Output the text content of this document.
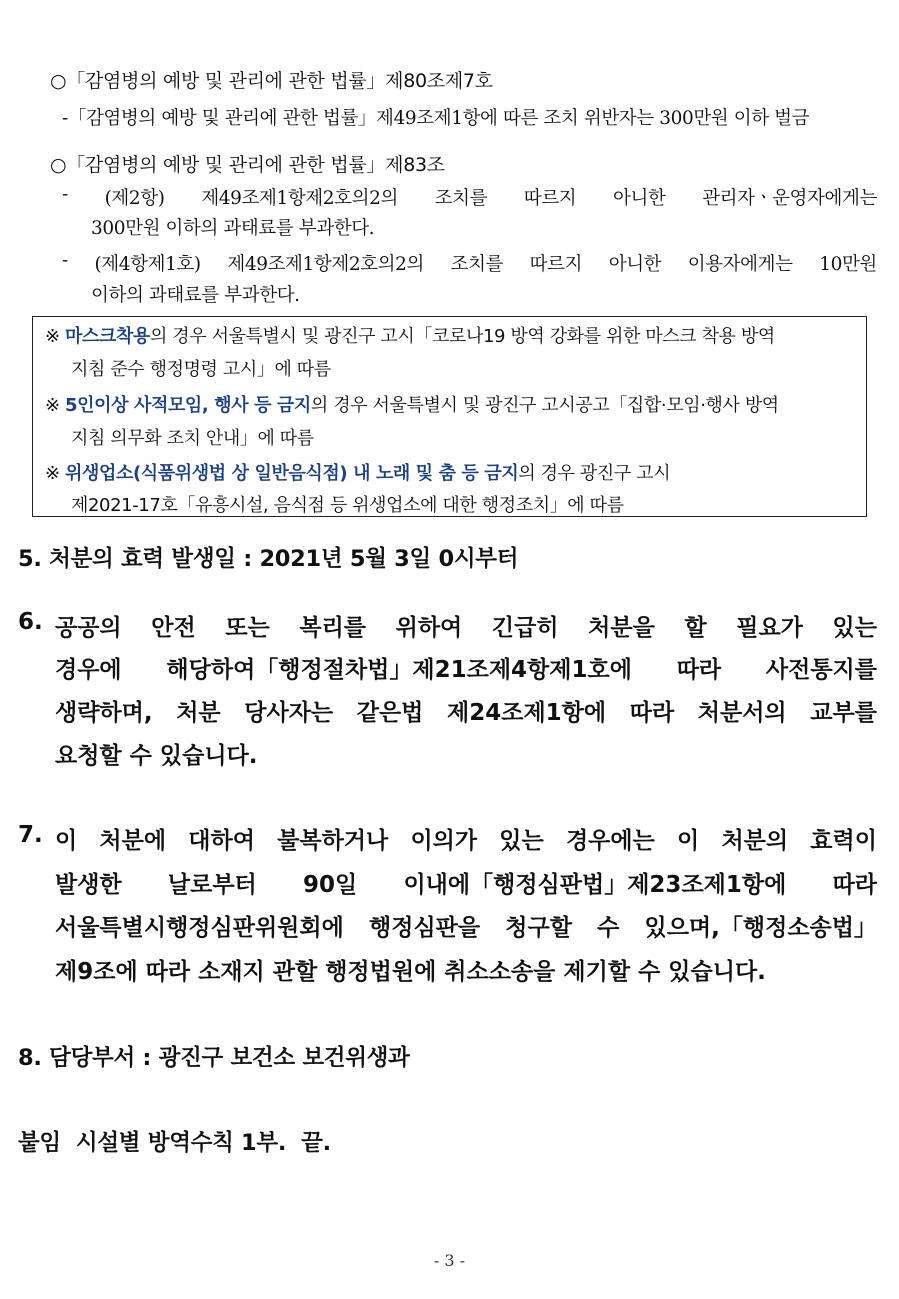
○「감염병의 예방 및 관리에 관한 법률」제80조제7호
-「감염병의 예방 및 관리에 관한 법률」제49조제1항에 따른 조치 위반자는 300만원 이하 벌금
○「감염병의 예방 및 관리에 관한 법률」제83조
- (제2항) 제49조제1항제2호의2의 조치를 따르지 아니한 관리자ㆍ운영자에게는
300만원 이하의 과태료를 부과한다.
- (제4항제1호) 제49조제1항제2호의2의 조치를 따르지 아니한 이용자에게는 10만원
이하의 과태료를 부과한다.
※ 마스크착용의 경우 서울특별시 및 광진구 고시「코로나19 방역 강화를 위한 마스크 착용 방역
지침 준수 행정명령 고시」에 따름
※ 5인이상 사적모임, 행사 등 금지의 경우 서울특별시 및 광진구 고시공고「집합·모임·행사 방역
지침 의무화 조치 안내」에 따름
※ 위생업소(식품위생법 상 일반음식점) 내 노래 및 춤 등 금지의 경우 광진구 고시
제2021-17호「유흥시설, 음식점 등 위생업소에 대한 행정조치」에 따름
5. 처분의 효력 발생일 : 2021년 5월 3일 0시부터
6. 공공의 안전 또는 복리를 위하여 긴급히 처분을 할 필요가 있는
경우에 해당하여「행정절차법」제21조제4항제1호에 따라 사전통지를
생략하며, 처분 당사자는 같은법 제24조제1항에 따라 처분서의 교부를
요청할 수 있습니다.
7. 이 처분에 대하여 불복하거나 이의가 있는 경우에는 이 처분의 효력이
발생한 날로부터 90일 이내에「행정심판법」제23조제1항에 따라
서울특별시행정심판위원회에 행정심판을 청구할 수 있으며,「행정소송법」
제9조에 따라 소재지 관할 행정법원에 취소소송을 제기할 수 있습니다.
8. 담당부서 : 광진구 보건소 보건위생과
붙임  시설별 방역수칙 1부.  끝.
- 3 -
